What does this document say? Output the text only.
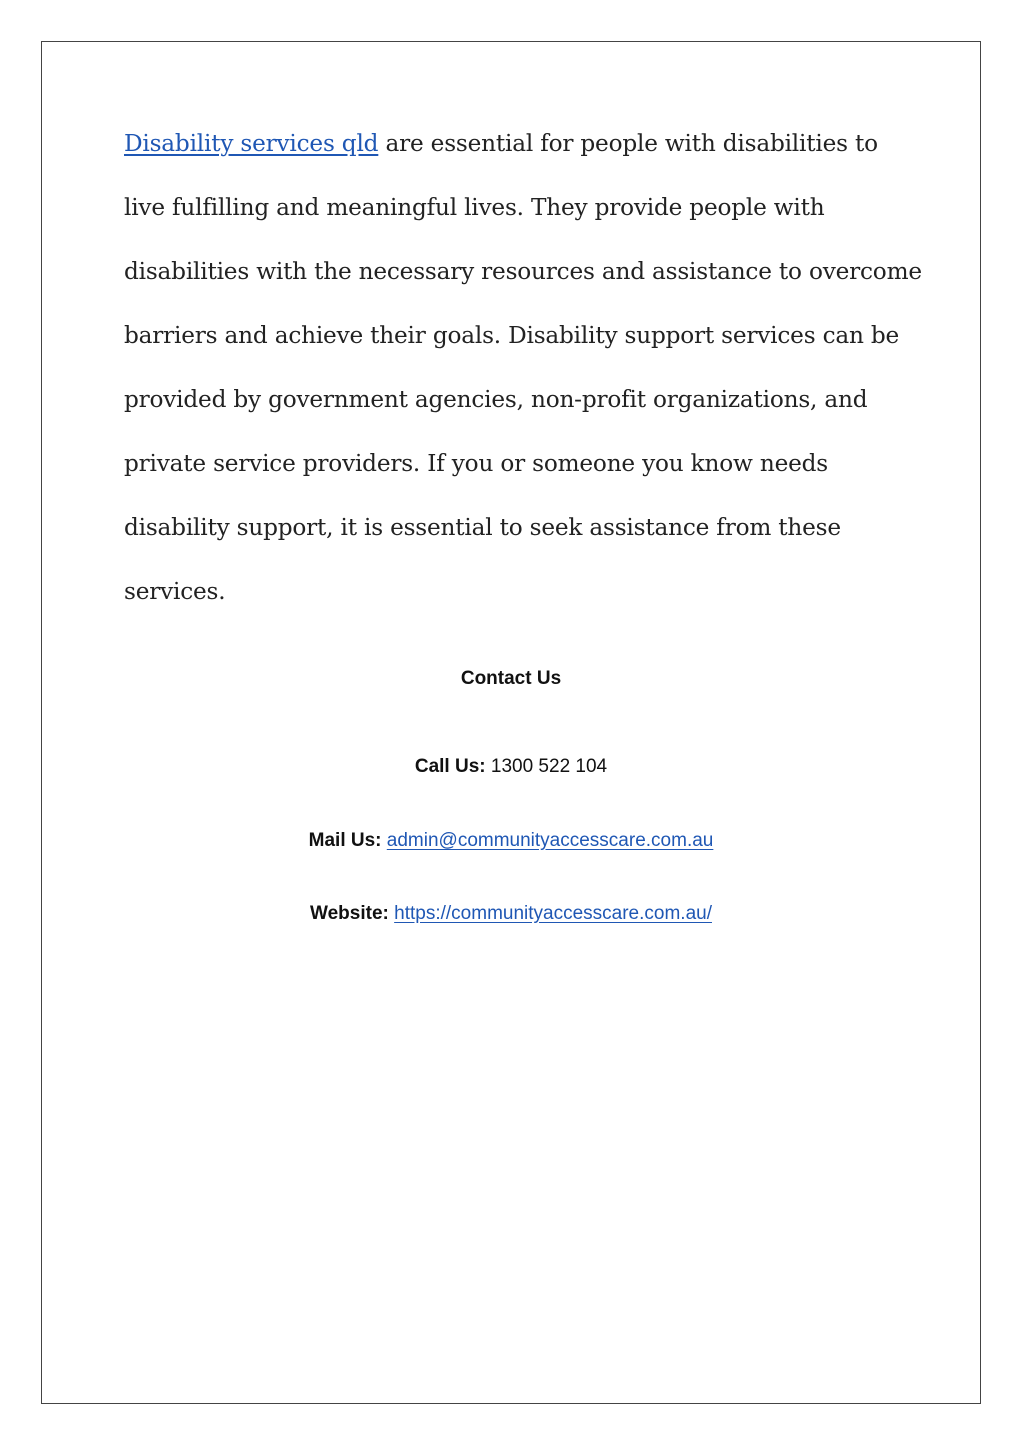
Disability services qld are essential for people with disabilities to
live fulfilling and meaningful lives. They provide people with
disabilities with the necessary resources and assistance to overcome
barriers and achieve their goals. Disability support services can be
provided by government agencies, non-profit organizations, and
private service providers. If you or someone you know needs
disability support, it is essential to seek assistance from these
services.

Contact Us

Call Us: 1300 522 104

Mail Us: admin@communityaccesscare.com.au

Website: https://communityaccesscare.com.au/
